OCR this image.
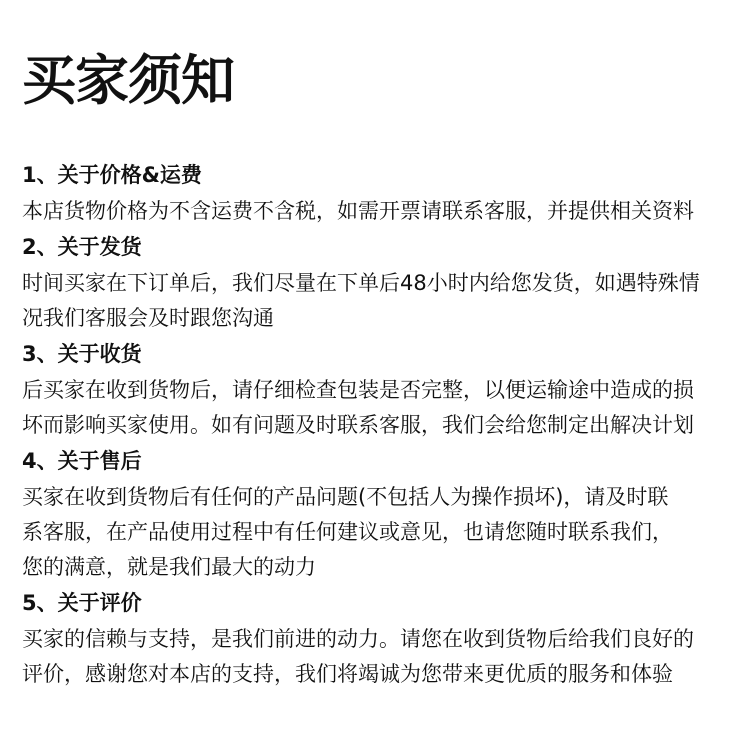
买家须知

1、关于价格&运费

本店货物价格为不含运费不含税，如需开票请联系客服，并提供相关资料

2、关于发货

时间买家在下订单后，我们尽量在下单后48小时内给您发货，如遇特殊情

况我们客服会及时跟您沟通

3、关于收货

后买家在收到货物后，请仔细检查包装是否完整，以便运输途中造成的损

坏而影响买家使用。如有问题及时联系客服，我们会给您制定出解决计划

4、关于售后

买家在收到货物后有任何的产品问题(不包括人为操作损坏)，请及时联

系客服，在产品使用过程中有任何建议或意见，也请您随时联系我们，

您的满意，就是我们最大的动力

5、关于评价

买家的信赖与支持，是我们前进的动力。请您在收到货物后给我们良好的

评价，感谢您对本店的支持，我们将竭诚为您带来更优质的服务和体验
